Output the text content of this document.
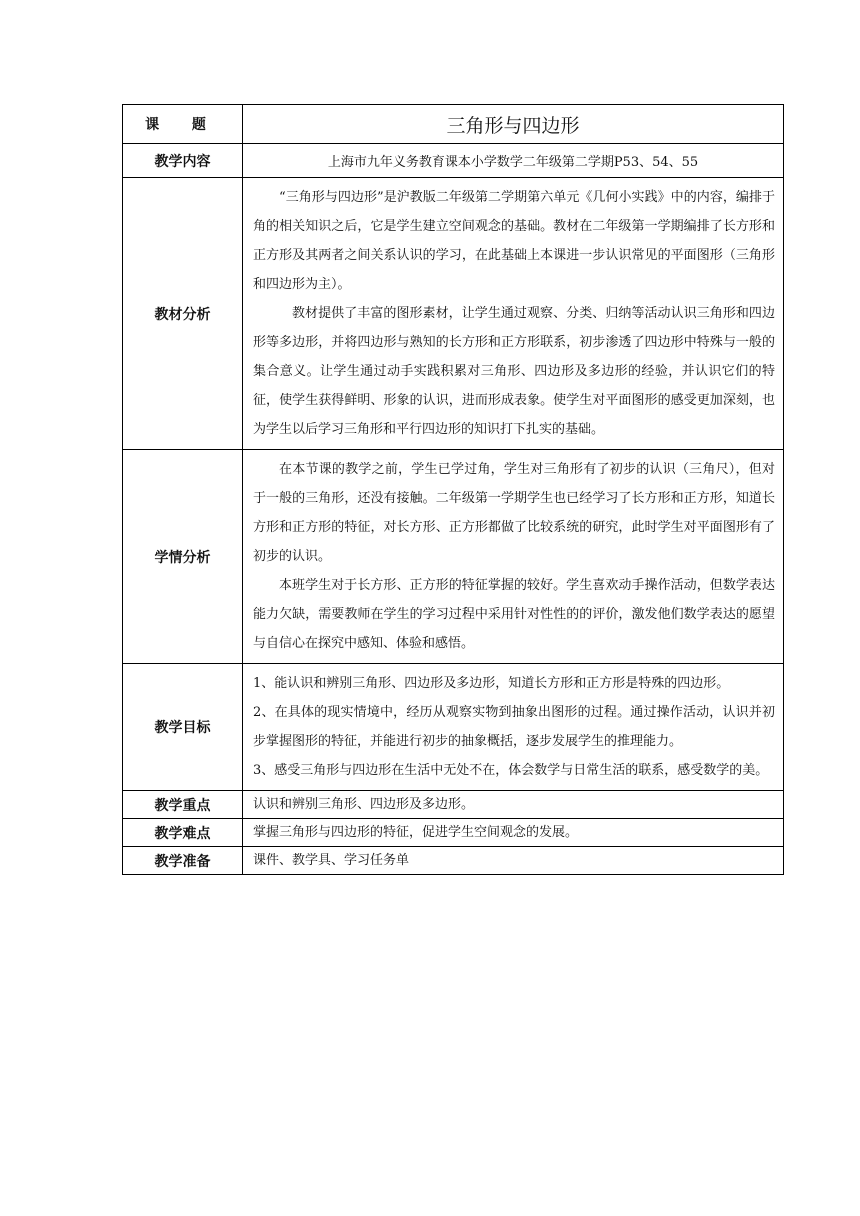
课 题	三角形与四边形
教学内容	上海市九年义务教育课本小学数学二年级第二学期P53、54、55
教材分析	“三角形与四边形”是沪教版二年级第二学期第六单元《几何小实践》中的内容，编排于角的相关知识之后，它是学生建立空间观念的基础。教材在二年级第一学期编排了长方形和正方形及其两者之间关系认识的学习，在此基础上本课进一步认识常见的平面图形（三角形和四边形为主）。

教材提供了丰富的图形素材，让学生通过观察、分类、归纳等活动认识三角形和四边形等多边形，并将四边形与熟知的长方形和正方形联系，初步渗透了四边形中特殊与一般的集合意义。让学生通过动手实践积累对三角形、四边形及多边形的经验，并认识它们的特征，使学生获得鲜明、形象的认识，进而形成表象。使学生对平面图形的感受更加深刻，也为学生以后学习三角形和平行四边形的知识打下扎实的基础。

学情分析	在本节课的教学之前，学生已学过角，学生对三角形有了初步的认识（三角尺），但对于一般的三角形，还没有接触。二年级第一学期学生也已经学习了长方形和正方形，知道长方形和正方形的特征，对长方形、正方形都做了比较系统的研究，此时学生对平面图形有了初步的认识。

本班学生对于长方形、正方形的特征掌握的较好。学生喜欢动手操作活动，但数学表达能力欠缺，需要教师在学生的学习过程中采用针对性性的的评价，激发他们数学表达的愿望与自信心在探究中感知、体验和感悟。

教学目标	1、能认识和辨别三角形、四边形及多边形，知道长方形和正方形是特殊的四边形。

2、在具体的现实情境中，经历从观察实物到抽象出图形的过程。通过操作活动，认识并初步掌握图形的特征，并能进行初步的抽象概括，逐步发展学生的推理能力。

3、感受三角形与四边形在生活中无处不在，体会数学与日常生活的联系，感受数学的美。

教学重点	认识和辨别三角形、四边形及多边形。
教学难点	掌握三角形与四边形的特征，促进学生空间观念的发展。
教学准备	课件、教学具、学习任务单
